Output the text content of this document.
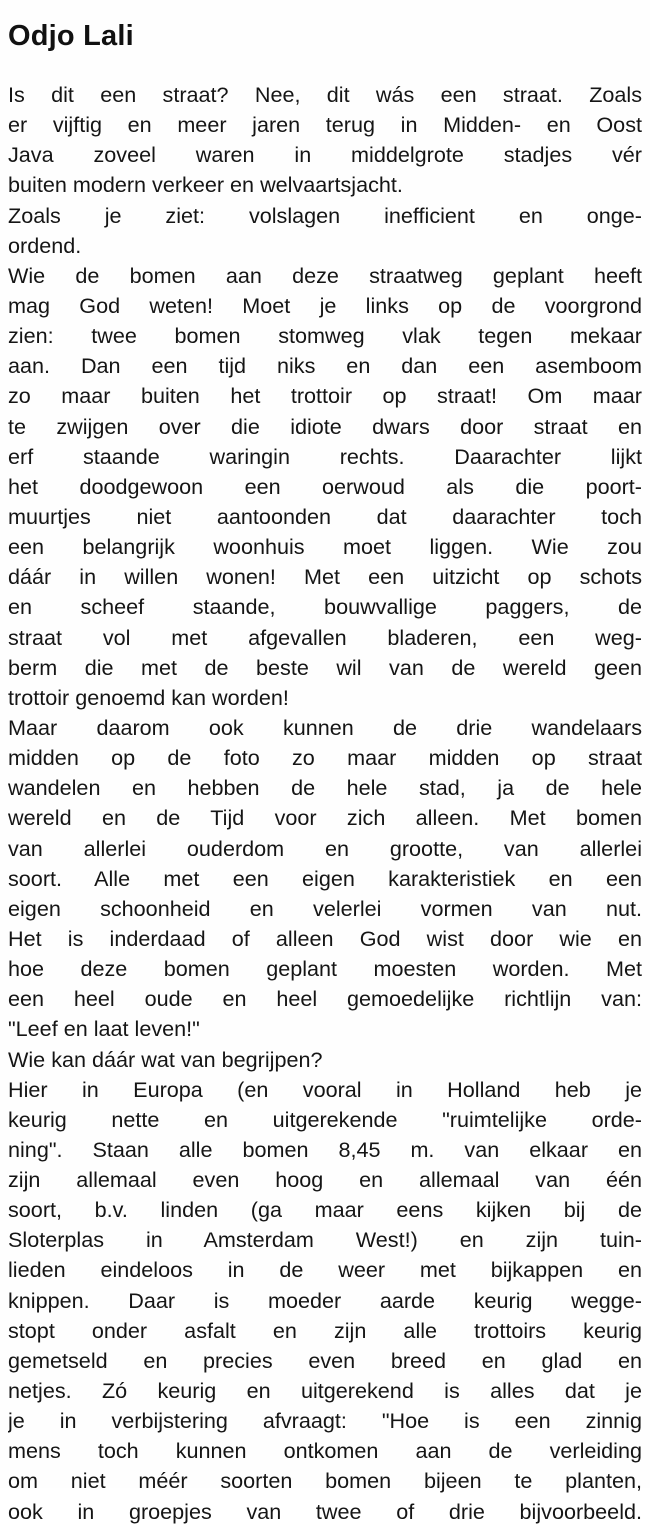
Odjo Lali
Is dit een straat? Nee, dit wás een straat. Zoals
er vijftig en meer jaren terug in Midden- en Oost
Java zoveel waren in middelgrote stadjes vér
buiten modern verkeer en welvaartsjacht.
Zoals je ziet: volslagen inefficient en onge-
ordend.
Wie de bomen aan deze straatweg geplant heeft
mag God weten! Moet je links op de voorgrond
zien: twee bomen stomweg vlak tegen mekaar
aan. Dan een tijd niks en dan een asemboom
zo maar buiten het trottoir op straat! Om maar
te zwijgen over die idiote dwars door straat en
erf staande waringin rechts. Daarachter lijkt
het doodgewoon een oerwoud als die poort-
muurtjes niet aantoonden dat daarachter toch
een belangrijk woonhuis moet liggen. Wie zou
dáár in willen wonen! Met een uitzicht op schots
en scheef staande, bouwvallige paggers, de
straat vol met afgevallen bladeren, een weg-
berm die met de beste wil van de wereld geen
trottoir genoemd kan worden!
Maar daarom ook kunnen de drie wandelaars
midden op de foto zo maar midden op straat
wandelen en hebben de hele stad, ja de hele
wereld en de Tijd voor zich alleen. Met bomen
van allerlei ouderdom en grootte, van allerlei
soort. Alle met een eigen karakteristiek en een
eigen schoonheid en velerlei vormen van nut.
Het is inderdaad of alleen God wist door wie en
hoe deze bomen geplant moesten worden. Met
een heel oude en heel gemoedelijke richtlijn van:
"Leef en laat leven!"
Wie kan dáár wat van begrijpen?
Hier in Europa (en vooral in Holland heb je
keurig nette en uitgerekende "ruimtelijke orde-
ning". Staan alle bomen 8,45 m. van elkaar en
zijn allemaal even hoog en allemaal van één
soort, b.v. linden (ga maar eens kijken bij de
Sloterplas in Amsterdam West!) en zijn tuin-
lieden eindeloos in de weer met bijkappen en
knippen. Daar is moeder aarde keurig wegge-
stopt onder asfalt en zijn alle trottoirs keurig
gemetseld en precies even breed en glad en
netjes. Zó keurig en uitgerekend is alles dat je
je in verbijstering afvraagt: "Hoe is een zinnig
mens toch kunnen ontkomen aan de verleiding
om niet méér soorten bomen bijeen te planten,
ook in groepjes van twee of drie bijvoorbeeld.
